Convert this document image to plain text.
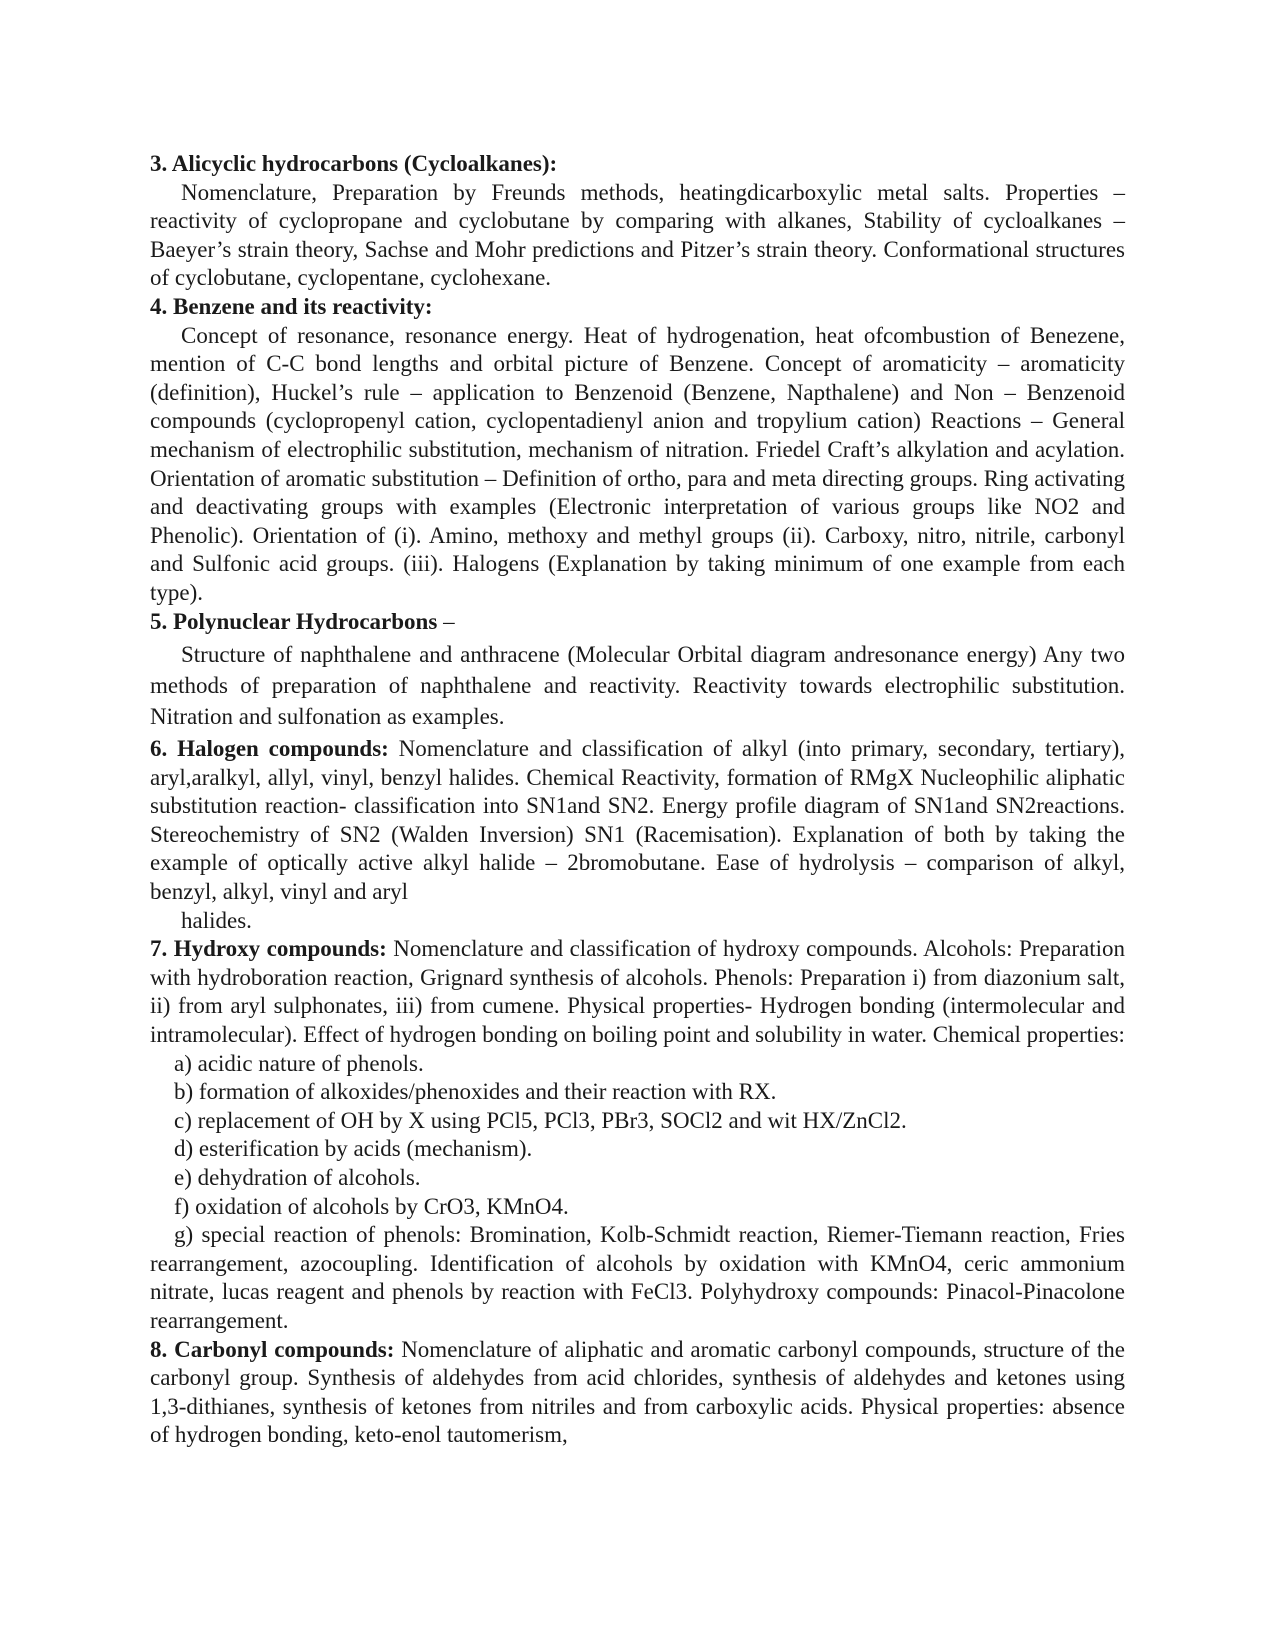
3. Alicyclic hydrocarbons (Cycloalkanes):

Nomenclature, Preparation by Freunds methods, heatingdicarboxylic metal salts. Properties – reactivity of cyclopropane and cyclobutane by comparing with alkanes, Stability of cycloalkanes – Baeyer’s strain theory, Sachse and Mohr predictions and Pitzer’s strain theory. Conformational structures of cyclobutane, cyclopentane, cyclohexane.

4. Benzene and its reactivity:

Concept of resonance, resonance energy. Heat of hydrogenation, heat ofcombustion of Benezene, mention of C-C bond lengths and orbital picture of Benzene. Concept of aromaticity – aromaticity (definition), Huckel’s rule – application to Benzenoid (Benzene, Napthalene) and Non – Benzenoid compounds (cyclopropenyl cation, cyclopentadienyl anion and tropylium cation) Reactions – General mechanism of electrophilic substitution, mechanism of nitration. Friedel Craft’s alkylation and acylation. Orientation of aromatic substitution – Definition of ortho, para and meta directing groups. Ring activating and deactivating groups with examples (Electronic interpretation of various groups like NO2 and Phenolic). Orientation of (i). Amino, methoxy and methyl groups (ii). Carboxy, nitro, nitrile, carbonyl and Sulfonic acid groups. (iii). Halogens (Explanation by taking minimum of one example from each type).

5. Polynuclear Hydrocarbons –

Structure of naphthalene and anthracene (Molecular Orbital diagram andresonance energy) Any two methods of preparation of naphthalene and reactivity. Reactivity towards electrophilic substitution. Nitration and sulfonation as examples.

6. Halogen compounds: Nomenclature and classification of alkyl (into primary, secondary, tertiary), aryl,aralkyl, allyl, vinyl, benzyl halides. Chemical Reactivity, formation of RMgX Nucleophilic aliphatic substitution reaction- classification into SN1and SN2. Energy profile diagram of SN1and SN2reactions. Stereochemistry of SN2 (Walden Inversion) SN1 (Racemisation). Explanation of both by taking the example of optically active alkyl halide – 2bromobutane. Ease of hydrolysis – comparison of alkyl, benzyl, alkyl, vinyl and aryl

halides.

7. Hydroxy compounds: Nomenclature and classification of hydroxy compounds. Alcohols: Preparation with hydroboration reaction, Grignard synthesis of alcohols. Phenols: Preparation i) from diazonium salt, ii) from aryl sulphonates, iii) from cumene. Physical properties- Hydrogen bonding (intermolecular and intramolecular). Effect of hydrogen bonding on boiling point and solubility in water. Chemical properties:

a) acidic nature of phenols.

b) formation of alkoxides/phenoxides and their reaction with RX.

c) replacement of OH by X using PCl5, PCl3, PBr3, SOCl2 and wit HX/ZnCl2.

d) esterification by acids (mechanism).

e) dehydration of alcohols.

f) oxidation of alcohols by CrO3, KMnO4.

g) special reaction of phenols: Bromination, Kolb-Schmidt reaction, Riemer-Tiemann reaction, Fries rearrangement, azocoupling. Identification of alcohols by oxidation with KMnO4, ceric ammonium nitrate, lucas reagent and phenols by reaction with FeCl3. Polyhydroxy compounds: Pinacol-Pinacolone rearrangement.

8. Carbonyl compounds: Nomenclature of aliphatic and aromatic carbonyl compounds, structure of the carbonyl group. Synthesis of aldehydes from acid chlorides, synthesis of aldehydes and ketones using 1,3-dithianes, synthesis of ketones from nitriles and from carboxylic acids. Physical properties: absence of hydrogen bonding, keto-enol tautomerism,
